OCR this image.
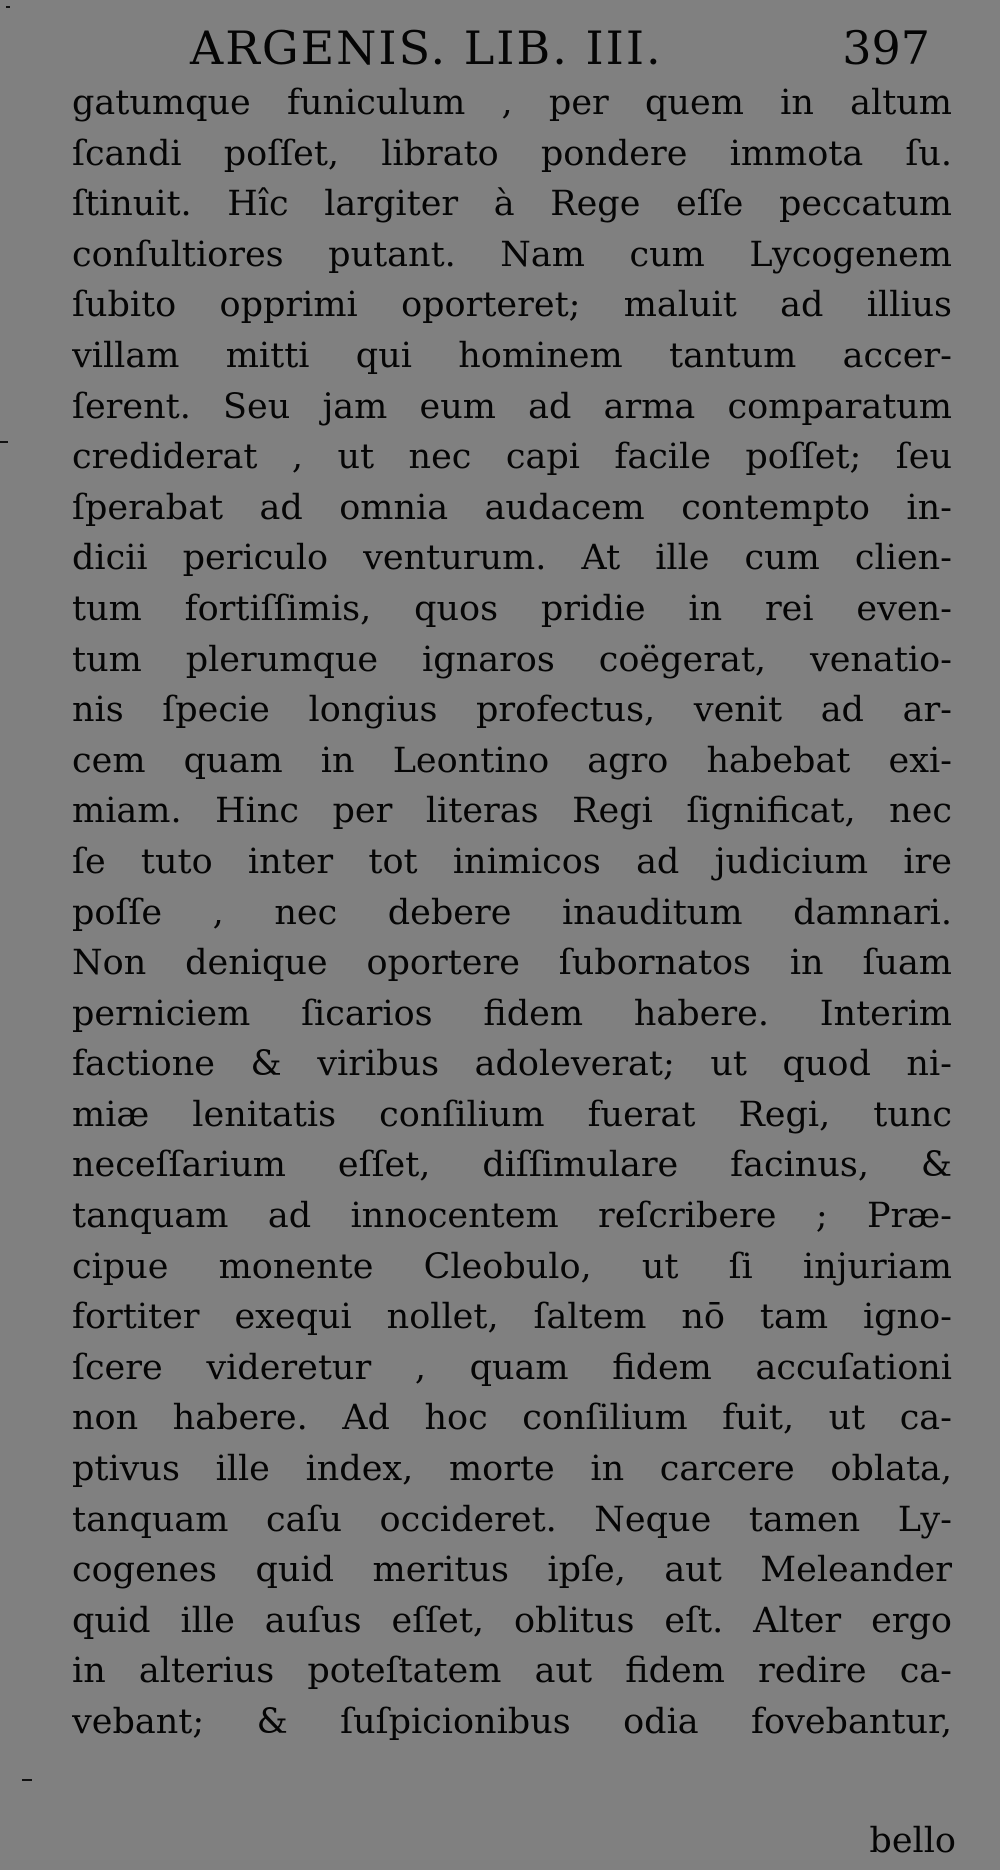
ARGENIS. LIB. III.	397
gatumque funiculum , per quem in altum
ſcandi poſſet, librato pondere immota ſu.
ſtinuit. Hîc largiter à Rege eſſe peccatum
conſultiores putant. Nam cum Lycogenem
ſubito opprimi oporteret; maluit ad illius
villam mitti qui hominem tantum accer-
ſerent. Seu jam eum ad arma comparatum
crediderat , ut nec capi facile poſſet; ſeu
ſperabat ad omnia audacem contempto in-
dicii periculo venturum. At ille cum clien-
tum fortiſſimis, quos pridie in rei even-
tum plerumque ignaros coëgerat, venatio-
nis ſpecie longius profectus, venit ad ar-
cem quam in Leontino agro habebat exi-
miam. Hinc per literas Regi ſignificat, nec
ſe tuto inter tot inimicos ad judicium ire
poſſe , nec debere inauditum damnari.
Non denique oportere ſubornatos in ſuam
perniciem ſicarios fidem habere. Interim
factione & viribus adoleverat; ut quod ni-
miæ lenitatis conſilium fuerat Regi, tunc
neceſſarium eſſet, diſſimulare facinus, &
tanquam ad innocentem reſcribere ; Præ-
cipue monente Cleobulo, ut ſi injuriam
fortiter exequi nollet, ſaltem nō tam igno-
ſcere videretur , quam fidem accuſationi
non habere. Ad hoc conſilium fuit, ut ca-
ptivus ille index, morte in carcere oblata,
tanquam caſu occideret. Neque tamen Ly-
cogenes quid meritus ipſe, aut Meleander
quid ille auſus eſſet, oblitus eſt. Alter ergo
in alterius poteſtatem aut fidem redire ca-
vebant; & ſuſpicionibus odia fovebantur,
bello
